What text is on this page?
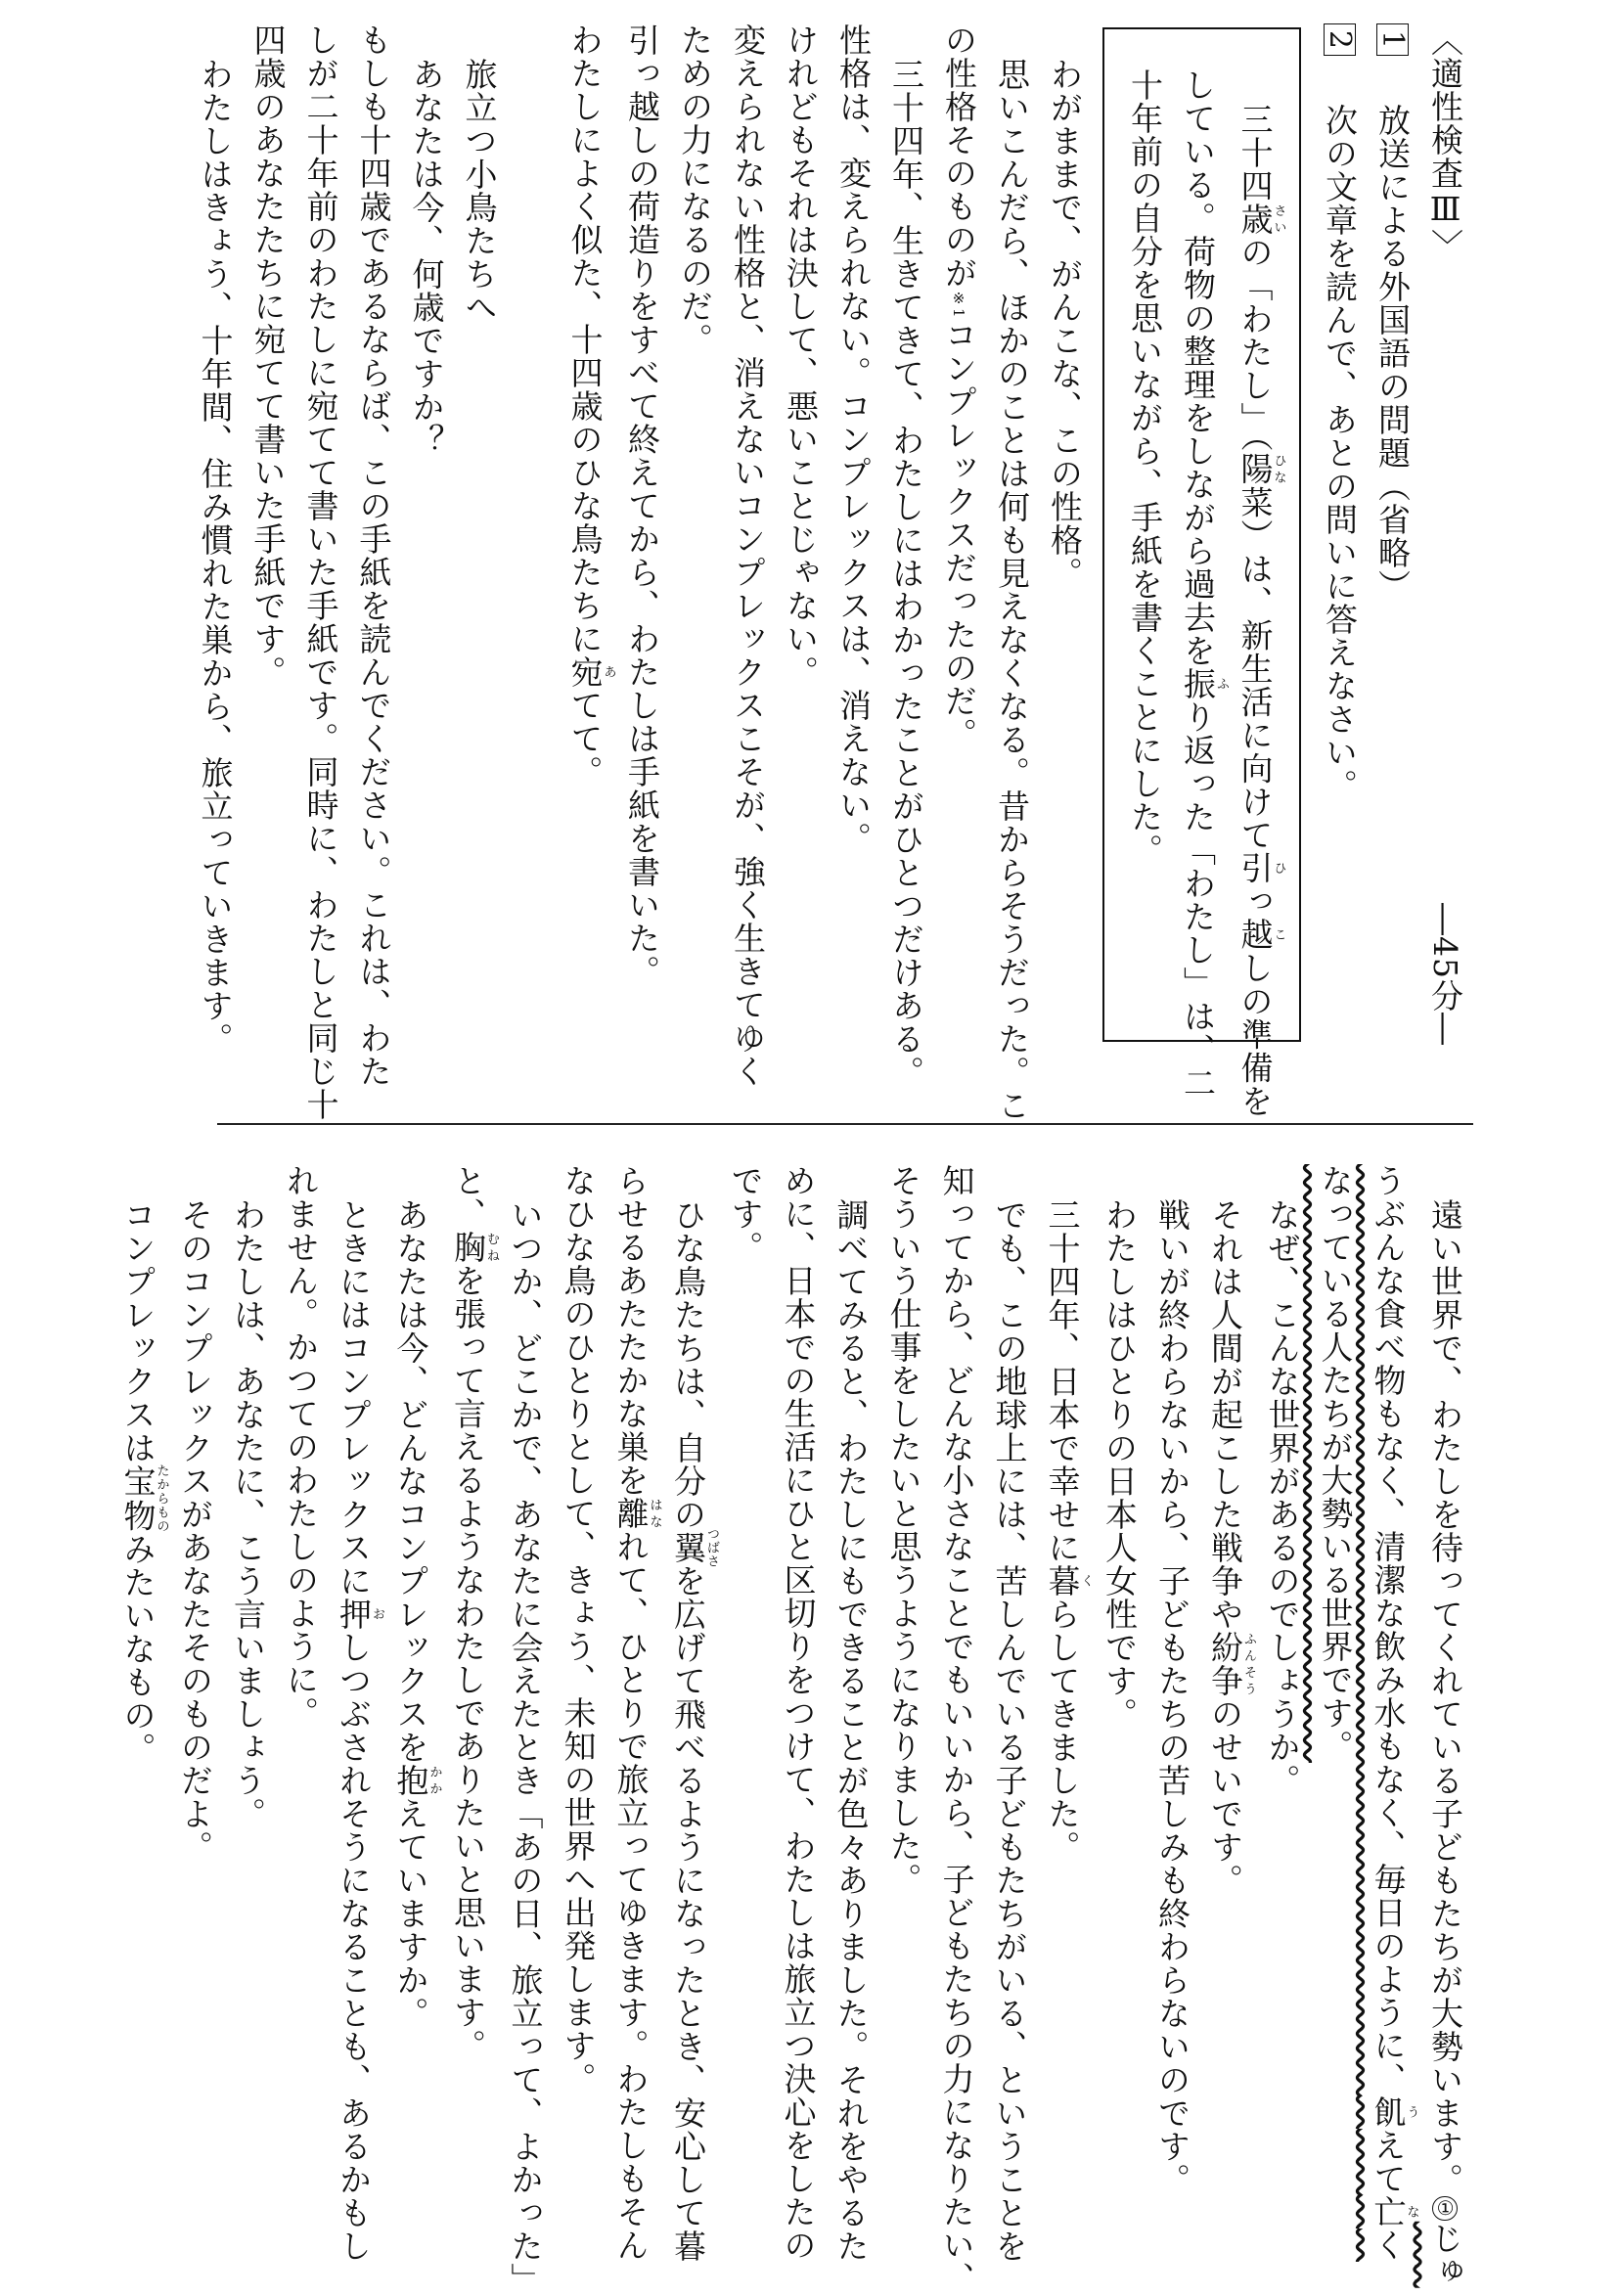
〈適性検査Ⅲ〉
1　放送による外国語の問題（省略）
2　次の文章を読んで、あとの問いに答えなさい。
三十四歳さいの「わたし」（陽ひな菜）は、新生活に向けて引ひっ越こしの準備を
している。荷物の整理をしながら過去を振ふり返った「わたし」は、二
十年前の自分を思いながら、手紙を書くことにした。
わがままで、がんこな、この性格。
思いこんだら、ほかのことは何も見えなくなる。昔からそうだった。こ
の性格そのものが※1コンプレックスだったのだ。
三十四年、生きてきて、わたしにはわかったことがひとつだけある。
性格は、変えられない。コンプレックスは、消えない。
けれどもそれは決して、悪いことじゃない。
変えられない性格と、消えないコンプレックスこそが、強く生きてゆく
ための力になるのだ。
引っ越しの荷造りをすべて終えてから、わたしは手紙を書いた。
わたしによく似た、十四歳のひな鳥たちに宛あてて。
旅立つ小鳥たちへ
あなたは今、何歳ですか？
もしも十四歳であるならば、この手紙を読んでください。これは、わた
しが二十年前のわたしに宛てて書いた手紙です。同時に、わたしと同じ十
四歳のあなたたちに宛てて書いた手紙です。
わたしはきょう、十年間、住み慣れた巣から、旅立っていきます。	―45分―
遠い世界で、わたしを待ってくれている子どもたちが大勢います。①じゅ
うぶんな食べ物もなく、清潔な飲み水もなく、毎日のように、飢うえて亡なく
なっている人たちが大勢いる世界です。
なぜ、こんな世界があるのでしょうか。
それは人間が起こした戦争や紛争ふんそうのせいです。
戦いが終わらないから、子どもたちの苦しみも終わらないのです。
わたしはひとりの日本人女性です。
三十四年、日本で幸せに暮くらしてきました。
でも、この地球上には、苦しんでいる子どもたちがいる、ということを
知ってから、どんな小さなことでもいいから、子どもたちの力になりたい、
そういう仕事をしたいと思うようになりました。
調べてみると、わたしにもできることが色々ありました。それをやるた
めに、日本での生活にひと区切りをつけて、わたしは旅立つ決心をしたの
です。
ひな鳥たちは、自分の翼つばさを広げて飛べるようになったとき、安心して暮
らせるあたたかな巣を離はなれて、ひとりで旅立ってゆきます。わたしもそん
なひな鳥のひとりとして、きょう、未知の世界へ出発します。
いつか、どこかで、あなたに会えたとき「あの日、旅立って、よかった」
と、胸むねを張って言えるようなわたしでありたいと思います。
あなたは今、どんなコンプレックスを抱かかえていますか。
ときにはコンプレックスに押おしつぶされそうになることも、あるかもし
れません。かつてのわたしのように。
わたしは、あなたに、こう言いましょう。
そのコンプレックスがあなたそのものだよ。
コンプレックスは宝物たからものみたいなもの。
